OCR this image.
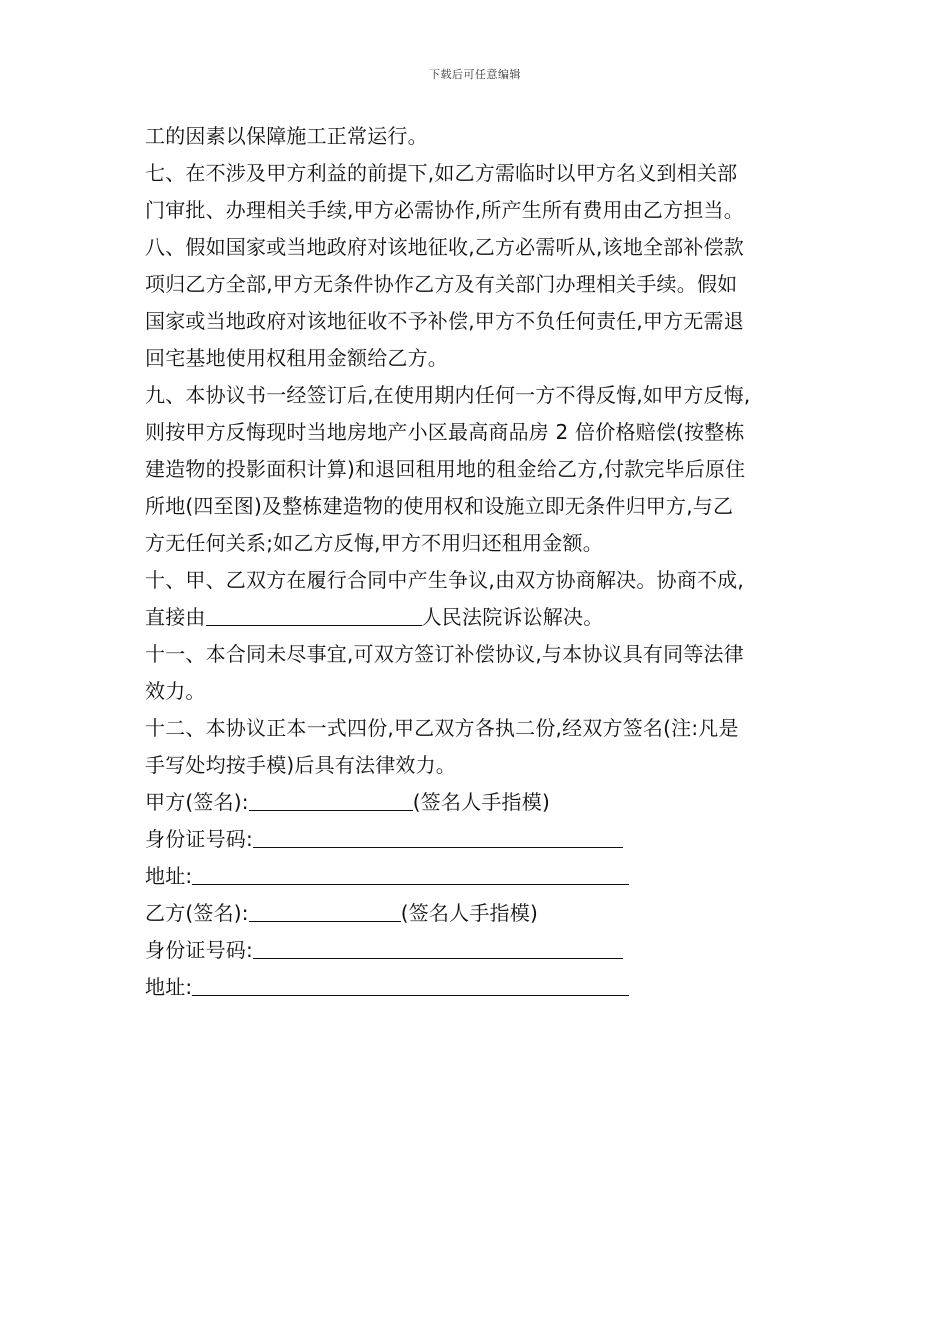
下载后可任意编辑
工的因素以保障施工正常运行。
七、在不涉及甲方利益的前提下,如乙方需临时以甲方名义到相关部
门审批、办理相关手续,甲方必需协作,所产生所有费用由乙方担当。
八、假如国家或当地政府对该地征收,乙方必需听从,该地全部补偿款
项归乙方全部,甲方无条件协作乙方及有关部门办理相关手续。假如
国家或当地政府对该地征收不予补偿,甲方不负任何责任,甲方无需退
回宅基地使用权租用金额给乙方。
九、本协议书一经签订后,在使用期内任何一方不得反悔,如甲方反悔,
则按甲方反悔现时当地房地产小区最高商品房 2 倍价格赔偿(按整栋
建造物的投影面积计算)和退回租用地的租金给乙方,付款完毕后原住
所地(四至图)及整栋建造物的使用权和设施立即无条件归甲方,与乙
方无任何关系;如乙方反悔,甲方不用归还租用金额。
十、甲、乙双方在履行合同中产生争议,由双方协商解决。协商不成,
直接由	人民法院诉讼解决。
十一、本合同未尽事宜,可双方签订补偿协议,与本协议具有同等法律
效力。
十二、本协议正本一式四份,甲乙双方各执二份,经双方签名(注:凡是
手写处均按手模)后具有法律效力。
甲方(签名):	(签名人手指模)
身份证号码:
地址:
乙方(签名):	(签名人手指模)
身份证号码:
地址:
